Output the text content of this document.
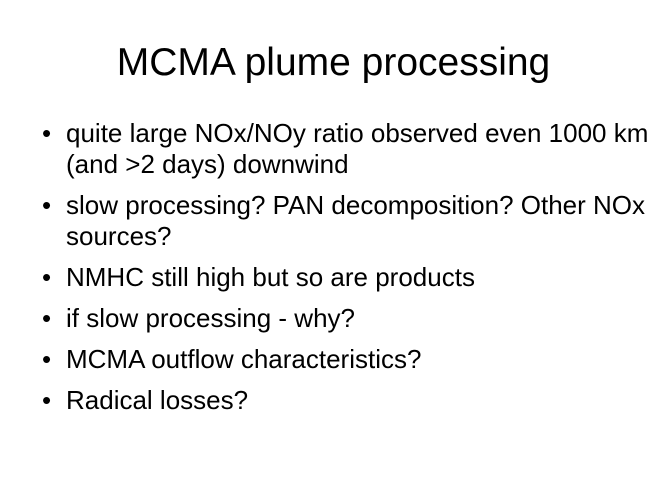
MCMA plume processing
• quite large NOx/NOy ratio observed even 1000 km (and >2 days) downwind
• slow processing? PAN decomposition? Other NOx sources?
• NMHC still high but so are products
• if slow processing - why?
• MCMA outflow characteristics?
• Radical losses?
